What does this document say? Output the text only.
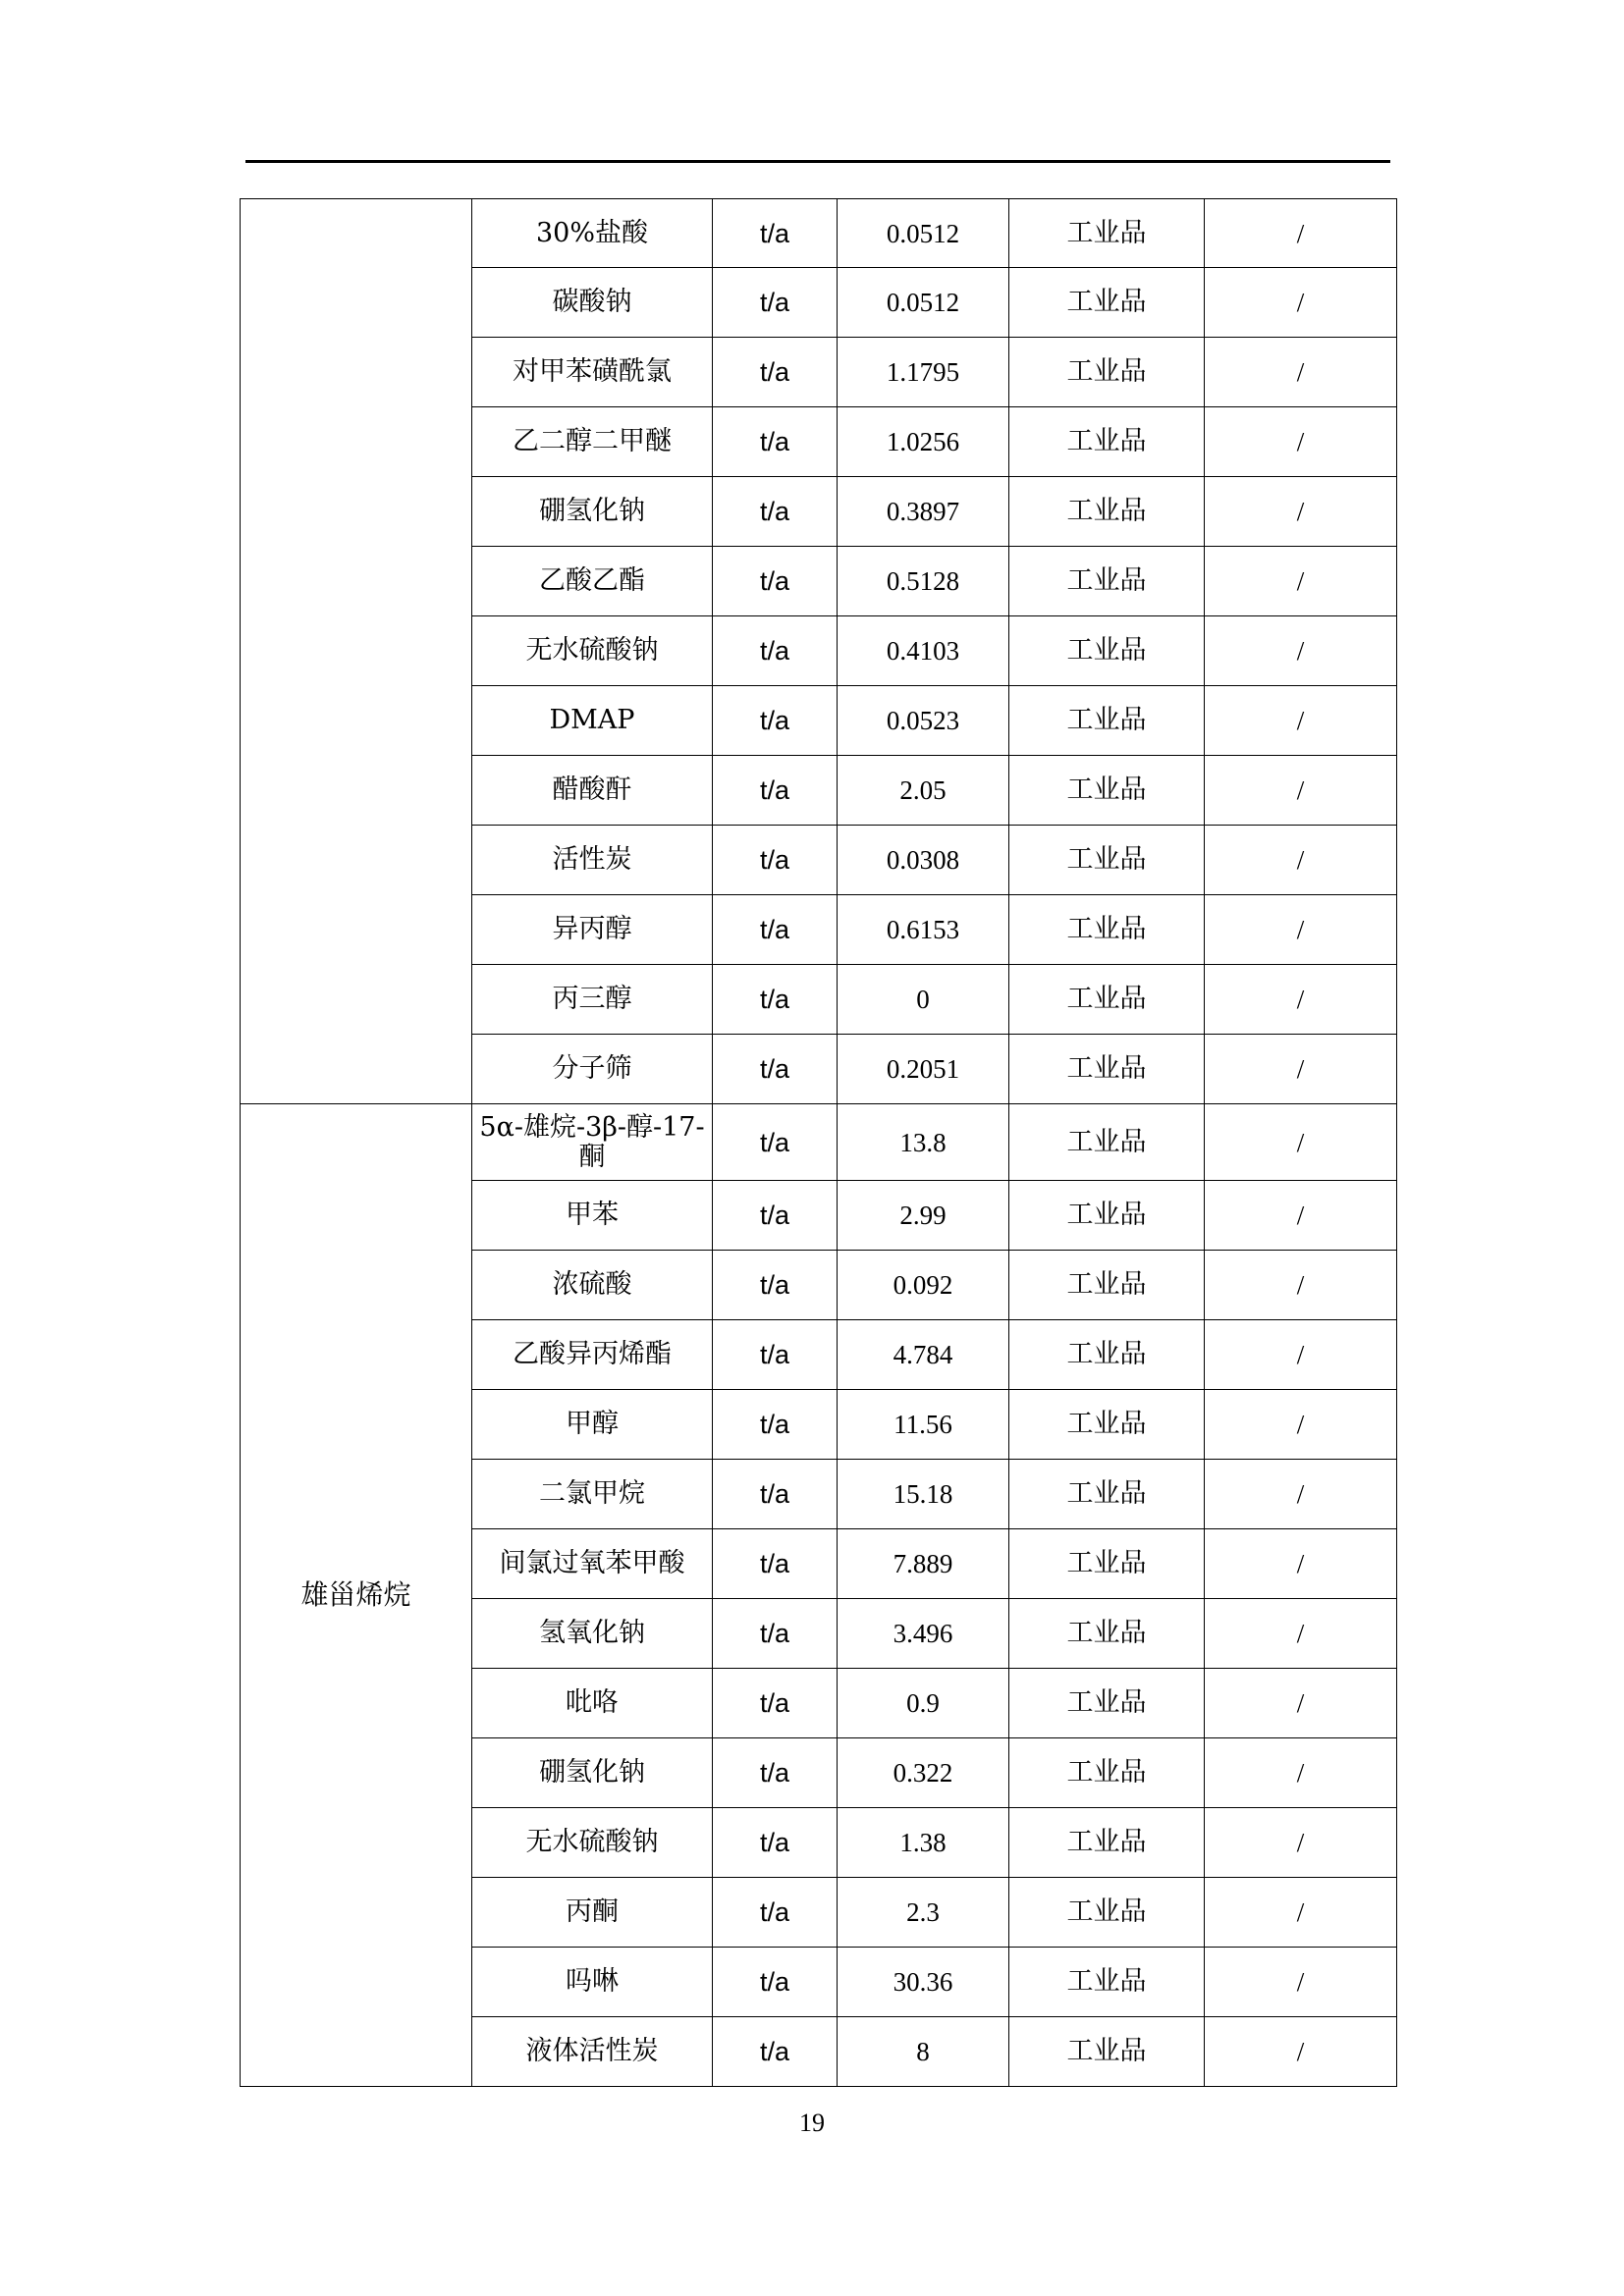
	30%盐酸	t/a	0.0512	工业品	/
	碳酸钠	t/a	0.0512	工业品	/
	对甲苯磺酰氯	t/a	1.1795	工业品	/
	乙二醇二甲醚	t/a	1.0256	工业品	/
	硼氢化钠	t/a	0.3897	工业品	/
	乙酸乙酯	t/a	0.5128	工业品	/
	无水硫酸钠	t/a	0.4103	工业品	/
	DMAP	t/a	0.0523	工业品	/
	醋酸酐	t/a	2.05	工业品	/
	活性炭	t/a	0.0308	工业品	/
	异丙醇	t/a	0.6153	工业品	/
	丙三醇	t/a	0	工业品	/
	分子筛	t/a	0.2051	工业品	/
雄甾烯烷	5α-雄烷-3β-醇-17-酮	t/a	13.8	工业品	/
	甲苯	t/a	2.99	工业品	/
	浓硫酸	t/a	0.092	工业品	/
	乙酸异丙烯酯	t/a	4.784	工业品	/
	甲醇	t/a	11.56	工业品	/
	二氯甲烷	t/a	15.18	工业品	/
	间氯过氧苯甲酸	t/a	7.889	工业品	/
	氢氧化钠	t/a	3.496	工业品	/
	吡咯	t/a	0.9	工业品	/
	硼氢化钠	t/a	0.322	工业品	/
	无水硫酸钠	t/a	1.38	工业品	/
	丙酮	t/a	2.3	工业品	/
	吗啉	t/a	30.36	工业品	/
	液体活性炭	t/a	8	工业品	/
19
